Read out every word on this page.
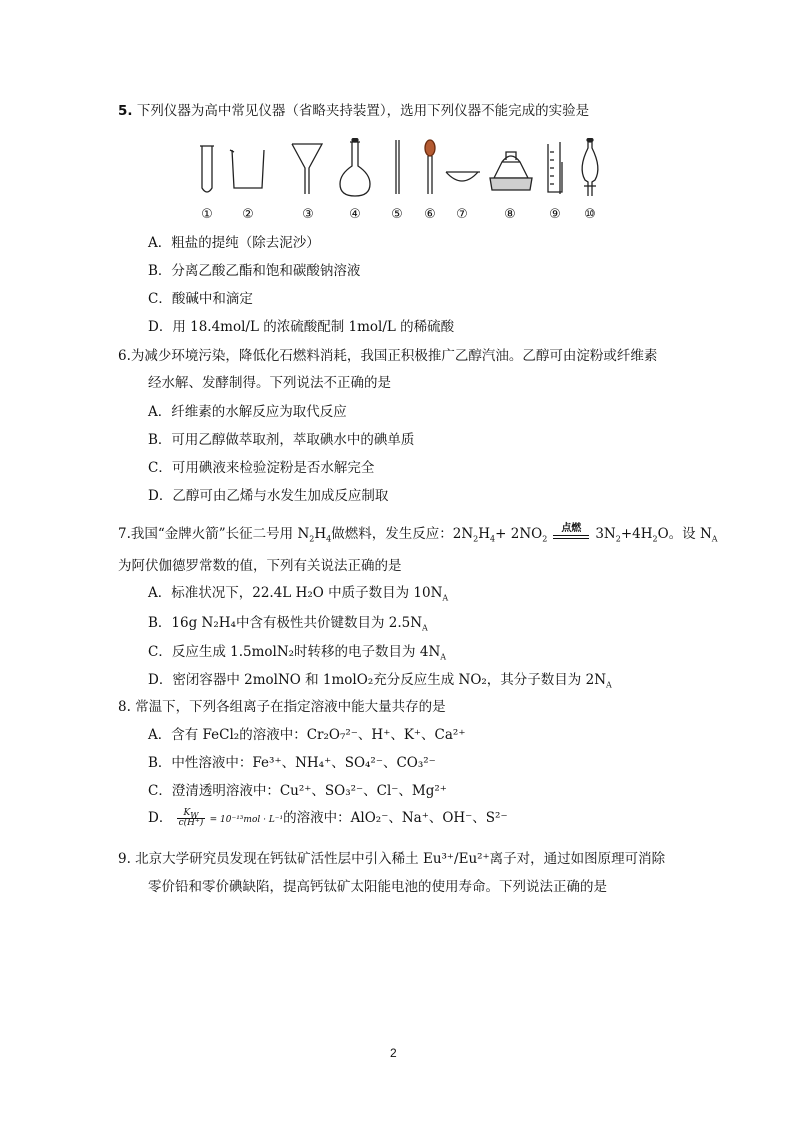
5. 下列仪器为高中常见仪器（省略夹持装置），选用下列仪器不能完成的实验是
① ②	③	④ ⑤ ⑥ ⑦	⑧	⑨ ⑩
A．粗盐的提纯（除去泥沙）
B．分离乙酸乙酯和饱和碳酸钠溶液
C．酸碱中和滴定
D．用 18.4mol/L 的浓硫酸配制 1mol/L 的稀硫酸
6.为减少环境污染，降低化石燃料消耗，我国正积极推广乙醇汽油。乙醇可由淀粉或纤维素
经水解、发酵制得。下列说法不正确的是
A．纤维素的水解反应为取代反应
B．可用乙醇做萃取剂，萃取碘水中的碘单质
C．可用碘液来检验淀粉是否水解完全
D．乙醇可由乙烯与水发生加成反应制取
7.我国“金牌火箭”长征二号用 $N_2H_4$做燃料，发生反应：$2N_2H_4+ 2NO_2$
点燃	$3N_2+4H_2O$。设 $N_A$
为阿伏伽德罗常数的值，下列有关说法正确的是
A．标准状况下，22.4L H₂O 中质子数目为 $10N_A$
B．16g N₂H₄中含有极性共价键数目为 $2.5N_A$
C．反应生成 1.5molN₂时转移的电子数目为 $4N_A$
D．密闭容器中 2molNO 和 1molO₂充分反应生成 NO₂，其分子数目为 $2N_A$
8. 常温下，下列各组离子在指定溶液中能大量共存的是
A．含有 FeCl₂的溶液中：Cr₂O₇²⁻、H⁺、K⁺、Ca²⁺
B．中性溶液中：Fe³⁺、NH₄⁺、SO₄²⁻、CO₃²⁻
C．澄清透明溶液中：Cu²⁺、SO₃²⁻、Cl⁻、Mg²⁺
D． $\frac{K_W}{c(H^+)} = 10^{-13}mol \cdot L^{-1}$的溶液中：AlO₂⁻、Na⁺、OH⁻、S²⁻
9. 北京大学研究员发现在钙钛矿活性层中引入稀土 Eu³⁺/Eu²⁺离子对，通过如图原理可消除
零价铅和零价碘缺陷，提高钙钛矿太阳能电池的使用寿命。下列说法正确的是
2
